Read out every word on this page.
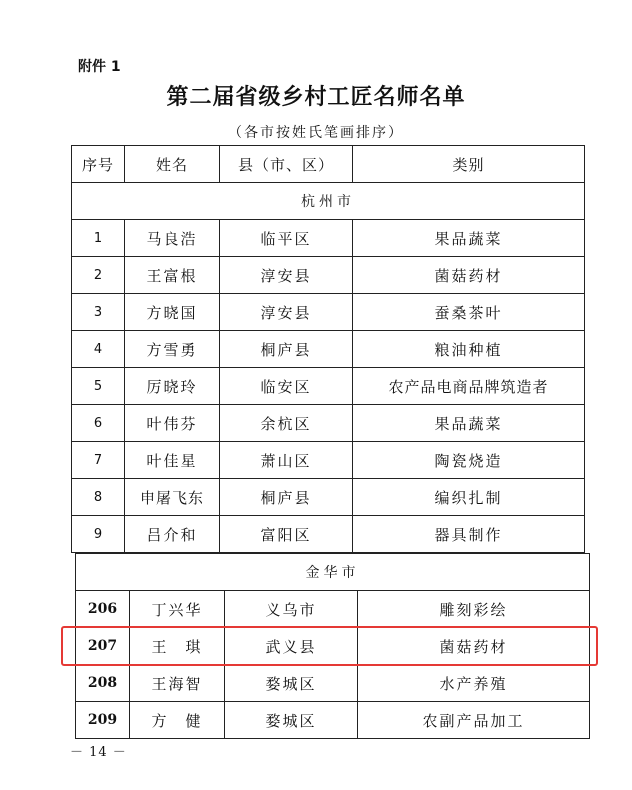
附件 1
第二届省级乡村工匠名师名单
（各市按姓氏笔画排序）
序号	姓名	县（市、区）	类别
杭州市			
1	马良浩	临平区	果品蔬菜
2	王富根	淳安县	菌菇药材
3	方晓国	淳安县	蚕桑茶叶
4	方雪勇	桐庐县	粮油种植
5	厉晓玲	临安区	农产品电商品牌筑造者
6	叶伟芬	余杭区	果品蔬菜
7	叶佳星	萧山区	陶瓷烧造
8	申屠飞东	桐庐县	编织扎制
9	吕介和	富阳区	器具制作
金华市			
206	丁兴华	义乌市	雕刻彩绘
207	王　琪	武义县	菌菇药材
208	王海智	婺城区	水产养殖
209	方　健	婺城区	农副产品加工
－ 14 －
